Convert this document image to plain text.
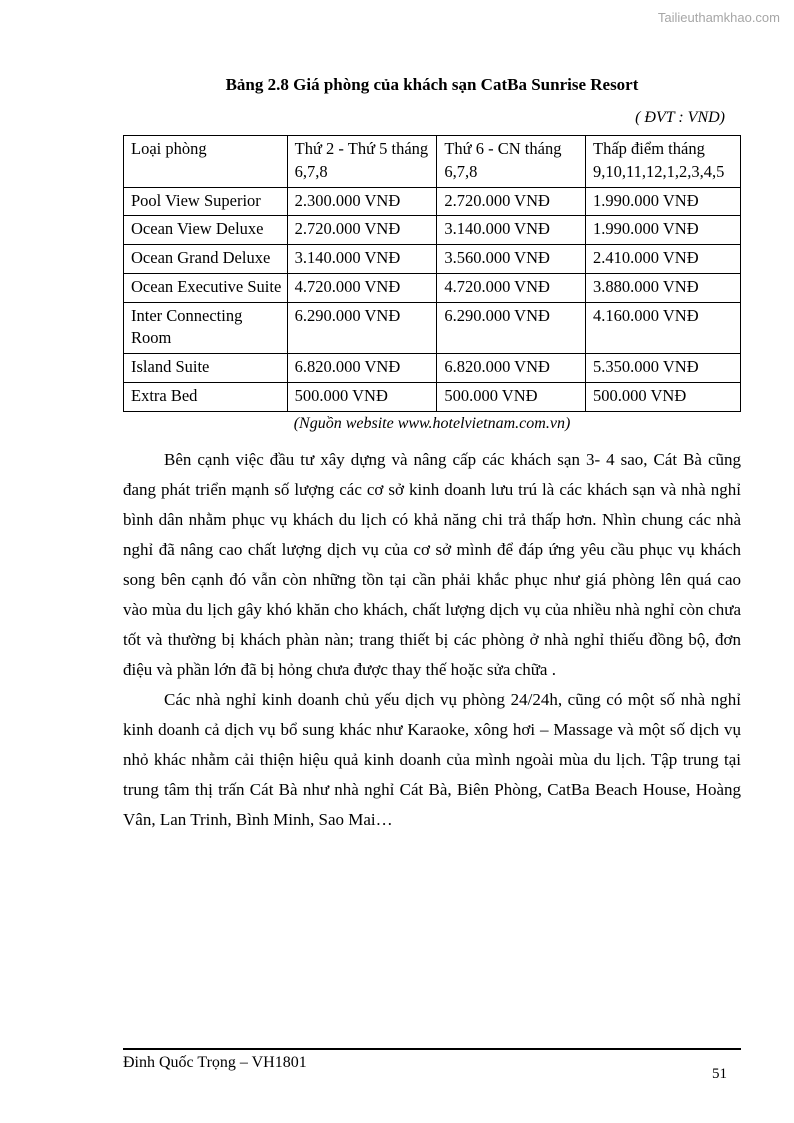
Tailieuthamkhao.com
Bảng 2.8 Giá phòng của khách sạn CatBa Sunrise Resort
( ĐVT : VND)
Loại phòng	Thứ 2 - Thứ 5 tháng 6,7,8	Thứ 6 - CN tháng 6,7,8	Thấp điểm tháng 9,10,11,12,1,2,3,4,5
Pool View Superior	2.300.000 VNĐ	2.720.000 VNĐ	1.990.000 VNĐ
Ocean View Deluxe	2.720.000 VNĐ	3.140.000 VNĐ	1.990.000 VNĐ
Ocean Grand Deluxe	3.140.000 VNĐ	3.560.000 VNĐ	2.410.000 VNĐ
Ocean Executive Suite	4.720.000 VNĐ	4.720.000 VNĐ	3.880.000 VNĐ
Inter Connecting Room	6.290.000 VNĐ	6.290.000 VNĐ	4.160.000 VNĐ
Island Suite	6.820.000 VNĐ	6.820.000 VNĐ	5.350.000 VNĐ
Extra Bed	500.000 VNĐ	500.000 VNĐ	500.000 VNĐ
(Nguồn website www.hotelvietnam.com.vn)

Bên cạnh việc đầu tư xây dựng và nâng cấp các khách sạn 3- 4 sao, Cát Bà cũng đang phát triển mạnh số lượng các cơ sở kinh doanh lưu trú là các khách sạn và nhà nghỉ bình dân nhằm phục vụ khách du lịch có khả năng chi trả thấp hơn. Nhìn chung các nhà nghỉ đã nâng cao chất lượng dịch vụ của cơ sở mình để đáp ứng yêu cầu phục vụ khách song bên cạnh đó vẫn còn những tồn tại cần phải khắc phục như giá phòng lên quá cao vào mùa du lịch gây khó khăn cho khách, chất lượng dịch vụ của nhiều nhà nghỉ còn chưa tốt và thường bị khách phàn nàn; trang thiết bị các phòng ở nhà nghỉ thiếu đồng bộ, đơn điệu và phần lớn đã bị hỏng chưa được thay thế hoặc sửa chữa .

Các nhà nghỉ kinh doanh chủ yếu dịch vụ phòng 24/24h, cũng có một số nhà nghỉ kinh doanh cả dịch vụ bổ sung khác như Karaoke, xông hơi – Massage và một số dịch vụ nhỏ khác nhằm cải thiện hiệu quả kinh doanh của mình ngoài mùa du lịch. Tập trung tại trung tâm thị trấn Cát Bà như nhà nghỉ Cát Bà, Biên Phòng, CatBa Beach House, Hoàng Vân, Lan Trinh, Bình Minh, Sao Mai…

Đinh Quốc Trọng – VH1801
51
